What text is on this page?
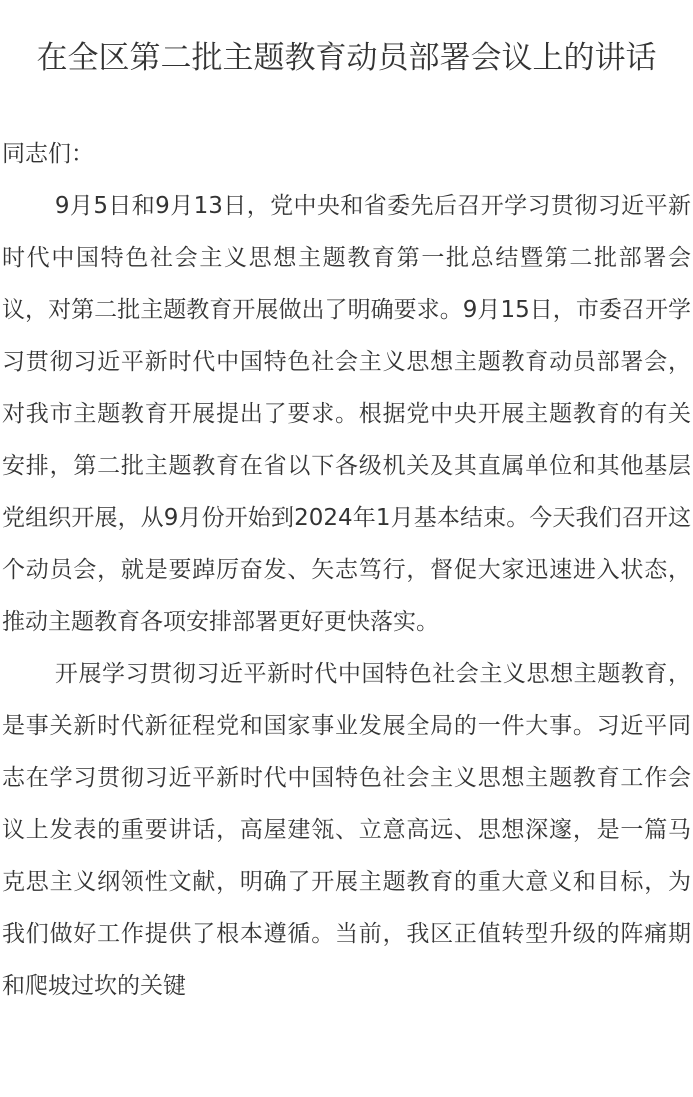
在全区第二批主题教育动员部署会议上的讲话

同志们：

9月5日和9月13日，党中央和省委先后召开学习贯彻习近平新时代中国特色社会主义思想主题教育第一批总结暨第二批部署会议，对第二批主题教育开展做出了明确要求。9月15日，市委召开学习贯彻习近平新时代中国特色社会主义思想主题教育动员部署会，对我市主题教育开展提出了要求。根据党中央开展主题教育的有关安排，第二批主题教育在省以下各级机关及其直属单位和其他基层党组织开展，从9月份开始到2024年1月基本结束。今天我们召开这个动员会，就是要踔厉奋发、矢志笃行，督促大家迅速进入状态，推动主题教育各项安排部署更好更快落实。

开展学习贯彻习近平新时代中国特色社会主义思想主题教育，是事关新时代新征程党和国家事业发展全局的一件大事。习近平同志在学习贯彻习近平新时代中国特色社会主义思想主题教育工作会议上发表的重要讲话，高屋建瓴、立意高远、思想深邃，是一篇马克思主义纲领性文献，明确了开展主题教育的重大意义和目标，为我们做好工作提供了根本遵循。当前，我区正值转型升级的阵痛期和爬坡过坎的关键
